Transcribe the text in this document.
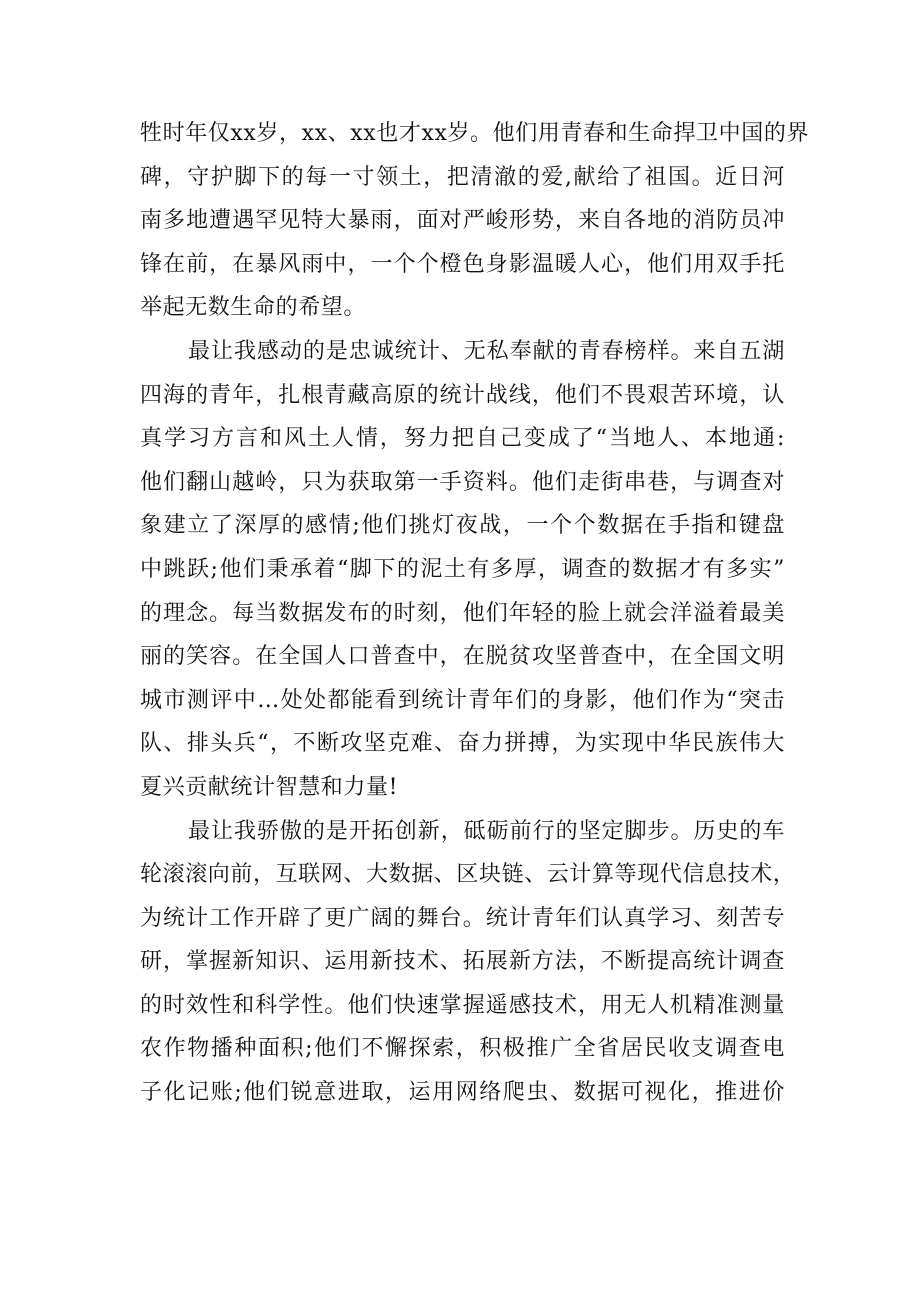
牲时年仅xx岁，xx、xx也才xx岁。他们用青春和生命捍卫中国的界
碑，守护脚下的每一寸领土，把清澈的爱,献给了祖国。近日河
南多地遭遇罕见特大暴雨，面对严峻形势，来自各地的消防员冲
锋在前，在暴风雨中，一个个橙色身影温暖人心，他们用双手托
举起无数生命的希望。
最让我感动的是忠诚统计、无私奉献的青春榜样。来自五湖
四海的青年，扎根青藏高原的统计战线，他们不畏艰苦环境，认
真学习方言和风土人情，努力把自己变成了“当地人、本地通:
他们翻山越岭，只为获取第一手资料。他们走街串巷，与调查对
象建立了深厚的感情;他们挑灯夜战，一个个数据在手指和键盘
中跳跃;他们秉承着“脚下的泥土有多厚，调查的数据才有多实”
的理念。每当数据发布的时刻，他们年轻的脸上就会洋溢着最美
丽的笑容。在全国人口普查中，在脱贫攻坚普查中，在全国文明
城市测评中…处处都能看到统计青年们的身影，他们作为“突击
队、排头兵“，不断攻坚克难、奋力拼搏，为实现中华民族伟大
夏兴贡献统计智慧和力量!
最让我骄傲的是开拓创新，砥砺前行的坚定脚步。历史的车
轮滚滚向前，互联网、大数据、区块链、云计算等现代信息技术，
为统计工作开辟了更广阔的舞台。统计青年们认真学习、刻苦专
研，掌握新知识、运用新技术、拓展新方法，不断提高统计调查
的时效性和科学性。他们快速掌握遥感技术，用无人机精准测量
农作物播种面积;他们不懈探索，积极推广全省居民收支调查电
子化记账;他们锐意进取，运用网络爬虫、数据可视化，推进价
